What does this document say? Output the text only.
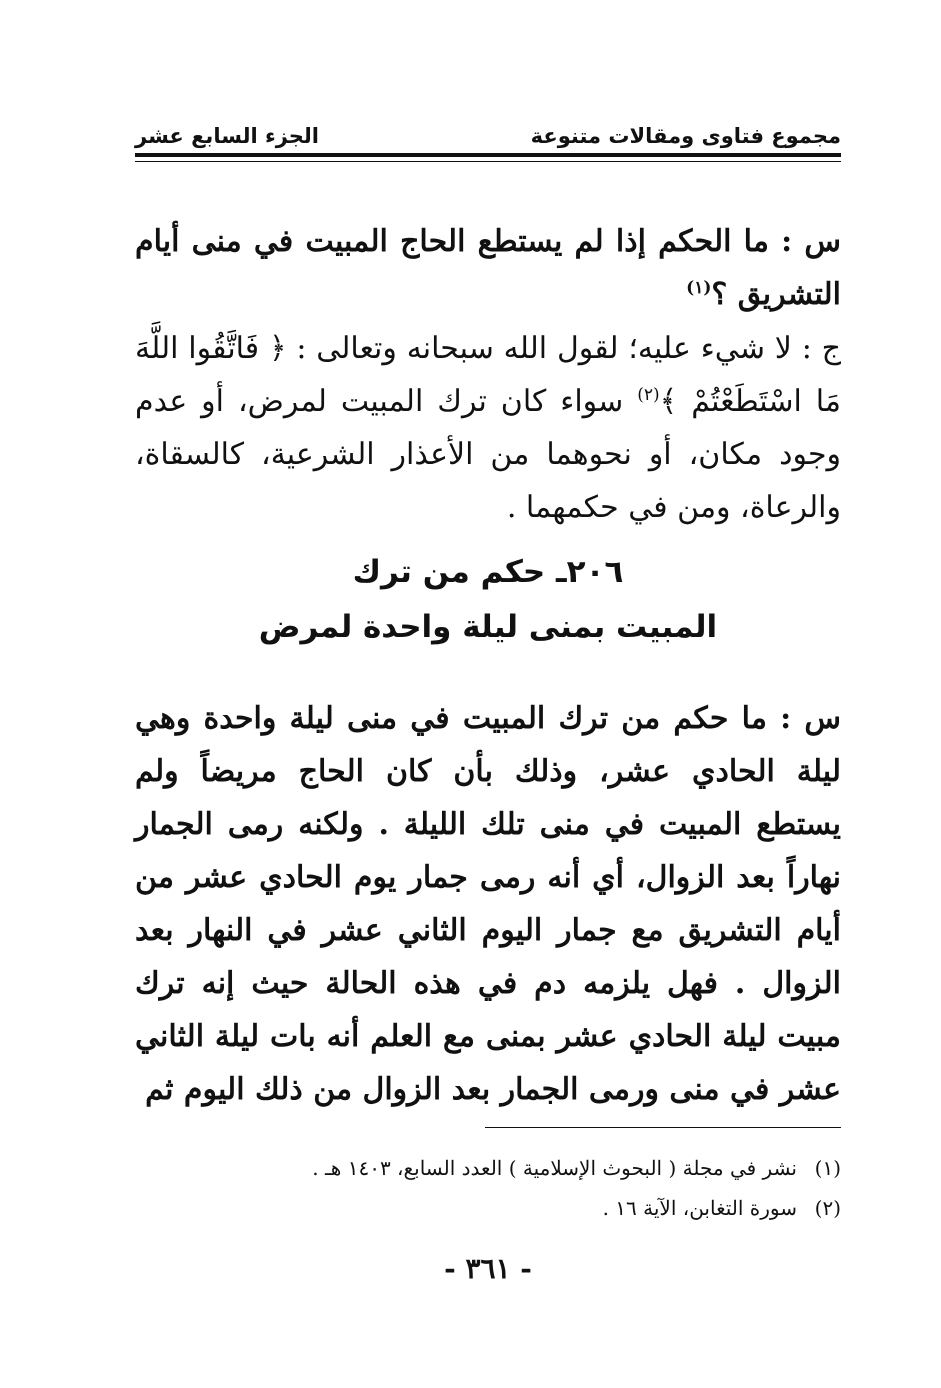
مجموع فتاوى ومقالات متنوعة
الجزء السابع عشر
س : ما الحكم إذا لم يستطع الحاج المبيت في منى أيام التشريق ؟$^{(١)}$
ج : لا شيء عليه؛ لقول الله سبحانه وتعالى : ﴿ فَاتَّقُوا اللَّهَ مَا اسْتَطَعْتُمْ ﴾$^{(٢)}$ سواء كان ترك المبيت لمرض، أو عدم وجود مكان، أو نحوهما من الأعذار الشرعية، كالسقاة، والرعاة، ومن في حكمهما .
٢٠٦ـ حكم من ترك
المبيت بمنى ليلة واحدة لمرض
س : ما حكم من ترك المبيت في منى ليلة واحدة وهي ليلة الحادي عشر، وذلك بأن كان الحاج مريضاً ولم يستطع المبيت في منى تلك الليلة . ولكنه رمى الجمار نهاراً بعد الزوال، أي أنه رمى جمار يوم الحادي عشر من أيام التشريق مع جمار اليوم الثاني عشر في النهار بعد الزوال . فهل يلزمه دم في هذه الحالة حيث إنه ترك مبيت ليلة الحادي عشر بمنى مع العلم أنه بات ليلة الثاني عشر في منى ورمى الجمار بعد الزوال من ذلك اليوم ثم
(١)نشر في مجلة ( البحوث الإسلامية ) العدد السابع، ١٤٠٣ هـ .
(٢)سورة التغابن، الآية ١٦ .
- ٣٦١ -
